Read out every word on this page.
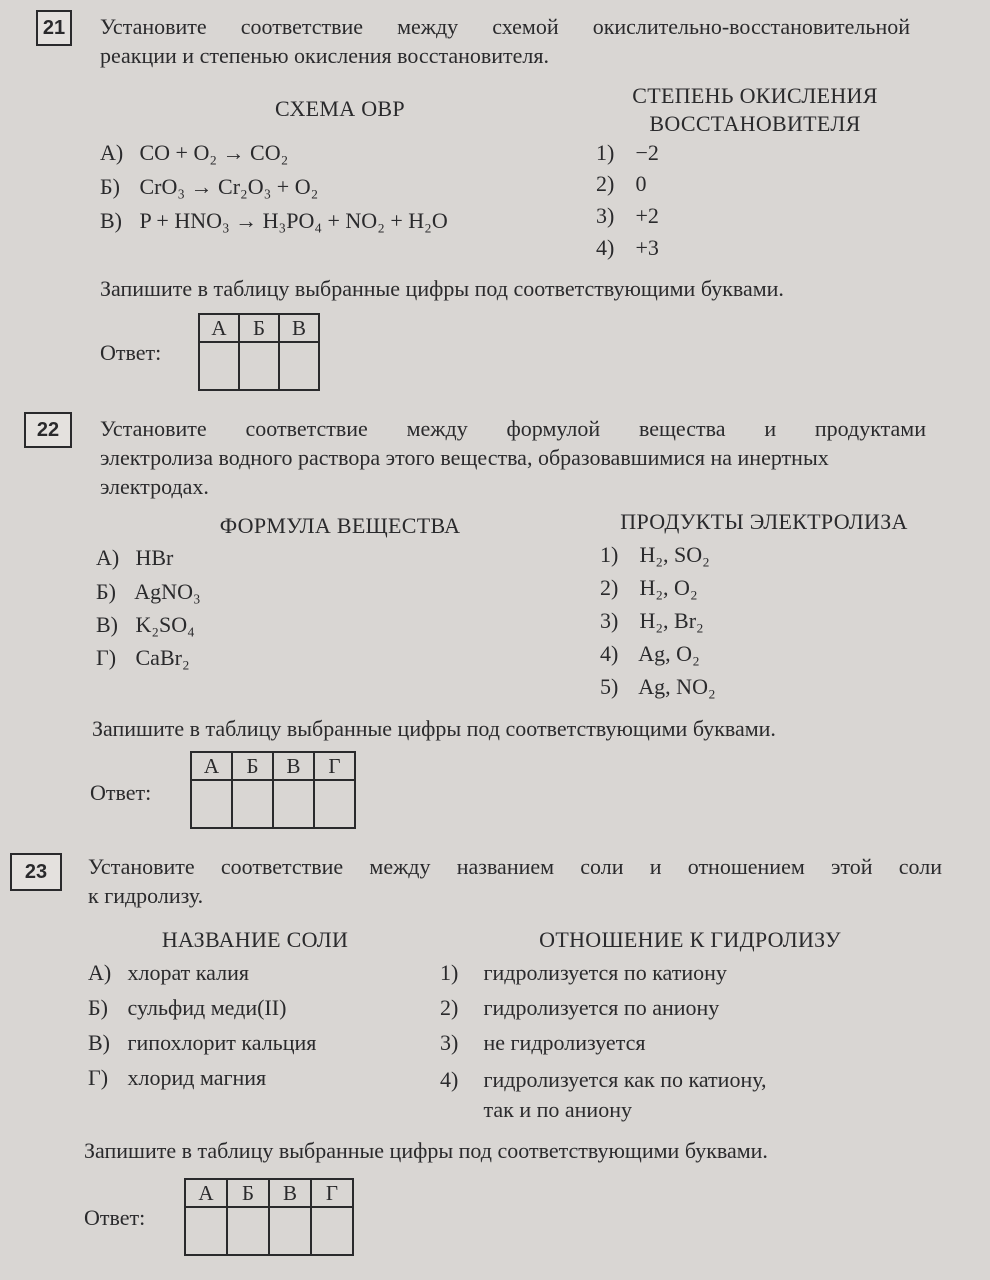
21	Установите соответствие между схемой окислительно-восстановительной
реакции и степенью окисления восстановителя.
СХЕМА ОВР
СТЕПЕНЬ ОКИСЛЕНИЯ
ВОССТАНОВИТЕЛЯ
А) CO + O₂ → CO₂
Б) CrO₃ → Cr₂O₃ + O₂
В) P + HNO₃ → H₃PO₄ + NO₂ + H₂O
1) −2
2) 0
3) +2
4) +3
Запишите в таблицу выбранные цифры под соответствующими буквами.
Ответ:
А	Б	В

22	Установите соответствие между формулой вещества и продуктами
электролиза водного раствора этого вещества, образовавшимися на инертных
электродах.
ФОРМУЛА ВЕЩЕСТВА	ПРОДУКТЫ ЭЛЕКТРОЛИЗА
А) HBr
Б) AgNO₃
В) K₂SO₄
Г) CaBr₂
1) H₂, SO₂
2) H₂, O₂
3) H₂, Br₂
4) Ag, O₂
5) Ag, NO₂
Запишите в таблицу выбранные цифры под соответствующими буквами.
Ответ:
А	Б	В	Г

23	Установите соответствие между названием соли и отношением этой соли
к гидролизу.
НАЗВАНИЕ СОЛИ	ОТНОШЕНИЕ К ГИДРОЛИЗУ
А) хлорат калия
Б) сульфид меди(II)
В) гипохлорит кальция
Г) хлорид магния
1) гидролизуется по катиону
2) гидролизуется по аниону
3) не гидролизуется
4) гидролизуется как по катиону,
так и по аниону
Запишите в таблицу выбранные цифры под соответствующими буквами.
Ответ:
А	Б	В	Г
